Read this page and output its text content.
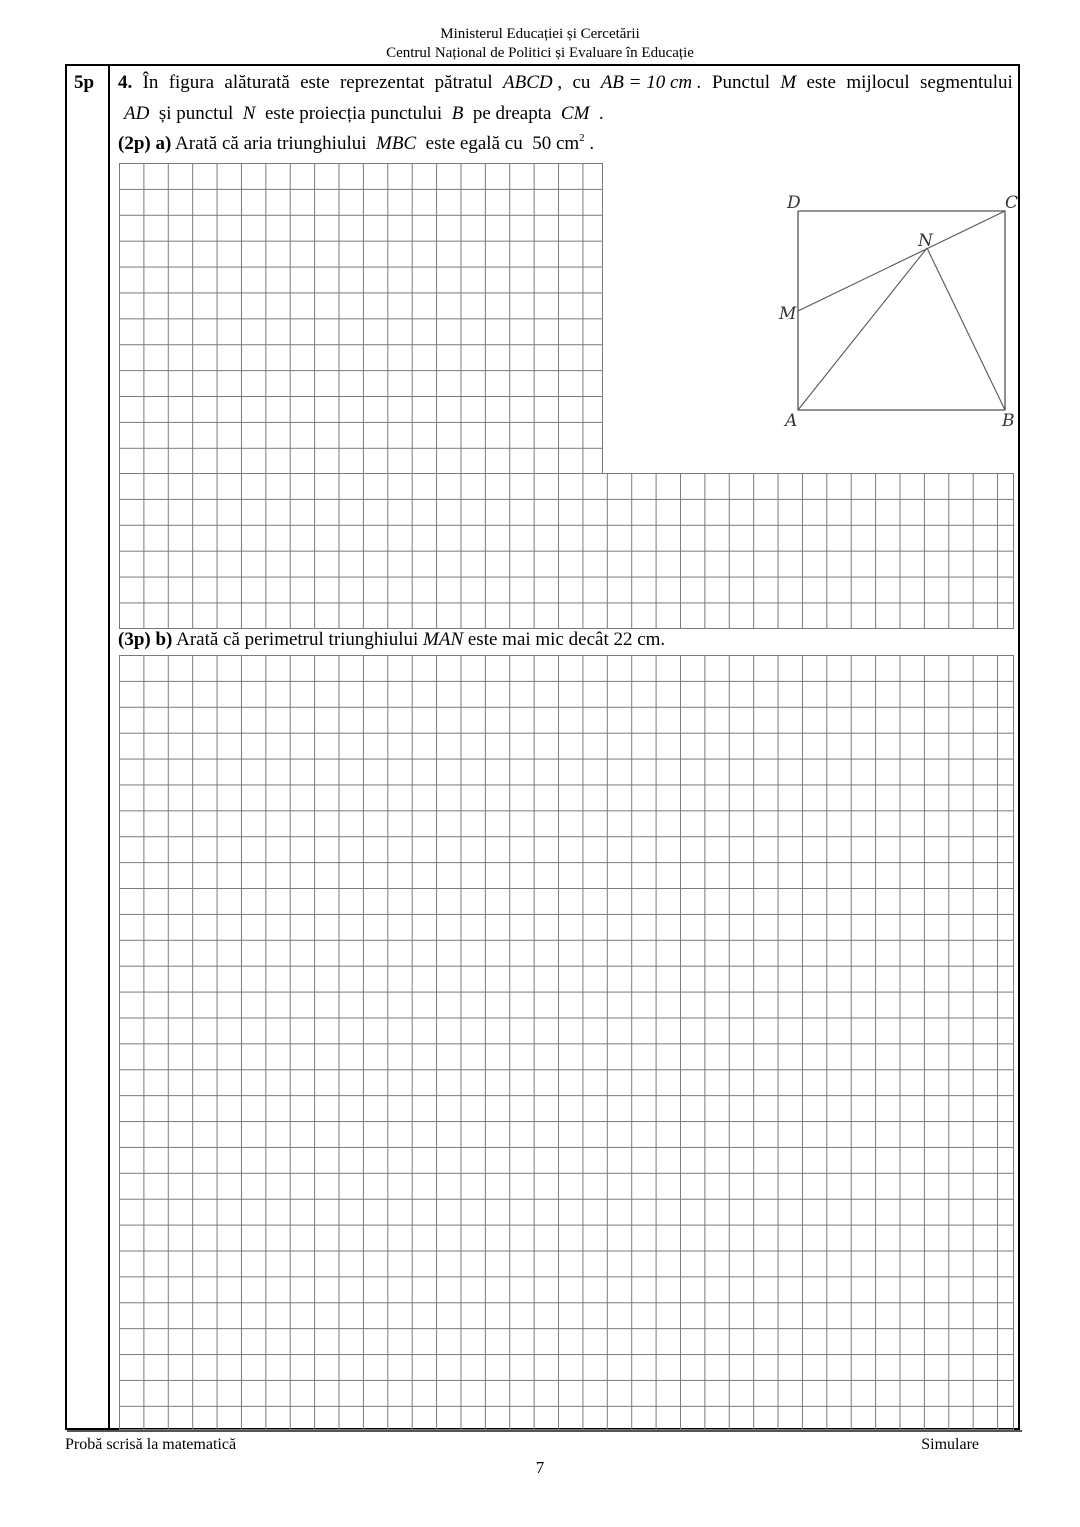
Ministerul Educației și Cercetării
Centrul Național de Politici și Evaluare în Educație
5p 4. În figura alăturată este reprezentat pătratul ABCD , cu AB = 10 cm . Punctul M este mijlocul segmentului
AD și punctul N este proiecția punctului B pe dreapta CM .
(2p) a) Arată că aria triunghiului MBC este egală cu 50 $cm^2$ .
D	C
N
M
A	B
(3p) b) Arată că perimetrul triunghiului MAN este mai mic decât 22 cm.
Probă scrisă la matematică	Simulare
7
